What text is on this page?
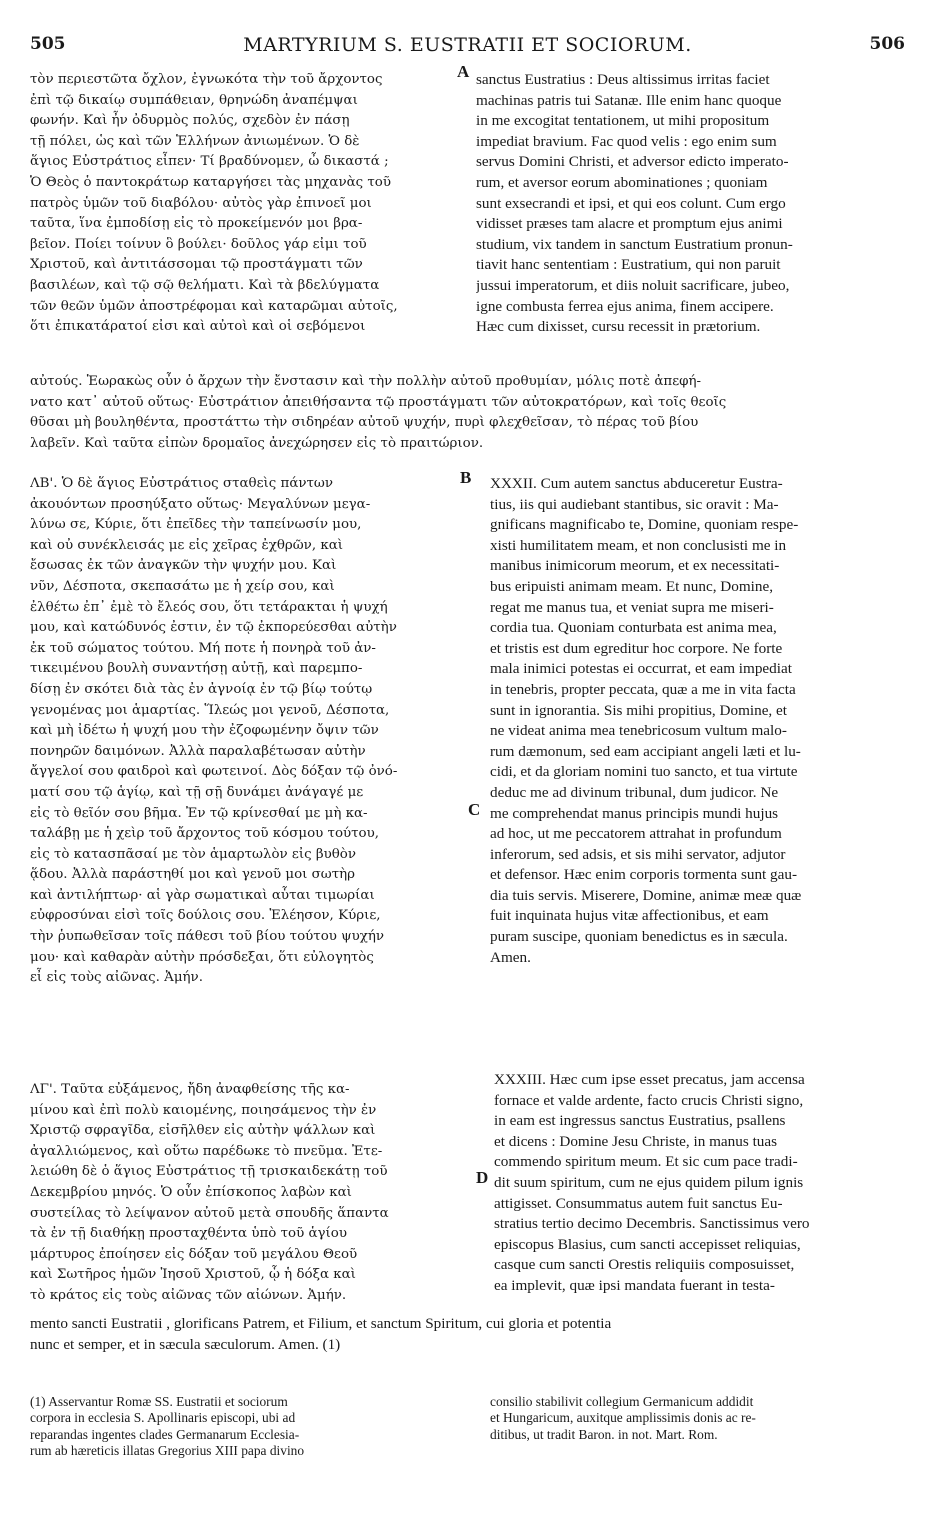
505	MARTYRIUM S. EUSTRATII ET SOCIORUM.	506

τὸν περιεστῶτα ὄχλον, ἐγνωκότα τὴν τοῦ ἄρχοντος
ἐπὶ τῷ δικαίῳ συμπάθειαν, θρηνώδη ἀναπέμψαι
φωνήν. Καὶ ἦν ὀδυρμὸς πολύς, σχεδὸν ἐν πάσῃ
τῇ πόλει, ὡς καὶ τῶν Ἑλλήνων ἀνιωμένων. Ὁ δὲ
ἅγιος Εὐστράτιος εἶπεν· Τί βραδύνομεν, ὦ δικαστά ;
Ὁ Θεὸς ὁ παντοκράτωρ καταργήσει τὰς μηχανὰς τοῦ
πατρὸς ὑμῶν τοῦ διαβόλου· αὐτὸς γὰρ ἐπινοεῖ μοι
ταῦτα, ἵνα ἐμποδίσῃ εἰς τὸ προκείμενόν μοι βρα-
βεῖον. Ποίει τοίνυν ὃ βούλει· δοῦλος γάρ εἰμι τοῦ
Χριστοῦ, καὶ ἀντιτάσσομαι τῷ προστάγματι τῶν
βασιλέων, καὶ τῷ σῷ θελήματι. Καὶ τὰ βδελύγματα
τῶν θεῶν ὑμῶν ἀποστρέφομαι καὶ καταρῶμαι αὐτοῖς,
ὅτι ἐπικατάρατοί εἰσι καὶ αὐτοὶ καὶ οἱ σεβόμενοι

A sanctus Eustratius : Deus altissimus irritas faciet
machinas patris tui Satanæ. Ille enim hanc quoque
in me excogitat tentationem, ut mihi propositum
impediat bravium. Fac quod velis : ego enim sum
servus Domini Christi, et adversor edicto imperato-
rum, et aversor eorum abominationes ; quoniam
sunt exsecrandi et ipsi, et qui eos colunt. Cum ergo
vidisset præses tam alacre et promptum ejus animi
studium, vix tandem in sanctum Eustratium pronun-
tiavit hanc sententiam : Eustratium, qui non paruit
jussui imperatorum, et diis noluit sacrificare, jubeo,
igne combusta ferrea ejus anima, finem accipere.
Hæc cum dixisset, cursu recessit in prætorium.

αὐτούς. Ἑωρακὼς οὖν ὁ ἄρχων τὴν ἔνστασιν καὶ τὴν πολλὴν αὐτοῦ προθυμίαν, μόλις ποτὲ ἀπεφή-
νατο κατ᾽ αὐτοῦ οὕτως· Εὐστράτιον ἀπειθήσαντα τῷ προστάγματι τῶν αὐτοκρατόρων, καὶ τοῖς θεοῖς
θῦσαι μὴ βουληθέντα, προστάττω τὴν σιδηρέαν αὐτοῦ ψυχήν, πυρὶ φλεχθεῖσαν, τὸ πέρας τοῦ βίου
λαβεῖν. Καὶ ταῦτα εἰπὼν δρομαῖος ἀνεχώρησεν εἰς τὸ πραιτώριον.

ΛΒ'. Ὁ δὲ ἅγιος Εὐστράτιος σταθεὶς πάντων
ἀκουόντων προσηύξατο οὕτως· Μεγαλύνων μεγα-
λύνω σε, Κύριε, ὅτι ἐπεῖδες τὴν ταπείνωσίν μου,
καὶ οὐ συνέκλεισάς με εἰς χεῖρας ἐχθρῶν, καὶ
ἔσωσας ἐκ τῶν ἀναγκῶν τὴν ψυχήν μου. Καὶ
νῦν, Δέσποτα, σκεπασάτω με ἡ χείρ σου, καὶ
ἐλθέτω ἐπ᾽ ἐμὲ τὸ ἔλεός σου, ὅτι τετάρακται ἡ ψυχή
μου, καὶ κατώδυνός ἐστιν, ἐν τῷ ἐκπορεύεσθαι αὐτὴν
ἐκ τοῦ σώματος τούτου. Μή ποτε ἡ πονηρὰ τοῦ ἀν-
τικειμένου βουλὴ συναντήσῃ αὐτῇ, καὶ παρεμπο-
δίσῃ ἐν σκότει διὰ τὰς ἐν ἀγνοίᾳ ἐν τῷ βίῳ τούτῳ
γενομένας μοι ἁμαρτίας. Ἵλεώς μοι γενοῦ, Δέσποτα,
καὶ μὴ ἰδέτω ἡ ψυχή μου τὴν ἐζοφωμένην ὄψιν τῶν
πονηρῶν δαιμόνων. Ἀλλὰ παραλαβέτωσαν αὐτὴν
ἄγγελοί σου φαιδροὶ καὶ φωτεινοί. Δὸς δόξαν τῷ ὀνό-
ματί σου τῷ ἁγίῳ, καὶ τῇ σῇ δυνάμει ἀνάγαγέ με
εἰς τὸ θεῖόν σου βῆμα. Ἐν τῷ κρίνεσθαί με μὴ κα-
ταλάβῃ με ἡ χεὶρ τοῦ ἄρχοντος τοῦ κόσμου τούτου,
εἰς τὸ κατασπᾶσαί με τὸν ἁμαρτωλὸν εἰς βυθὸν
ᾅδου. Ἀλλὰ παράστηθί μοι καὶ γενοῦ μοι σωτὴρ
καὶ ἀντιλήπτωρ· αἱ γὰρ σωματικαὶ αὗται τιμωρίαι
εὐφροσύναι εἰσὶ τοῖς δούλοις σου. Ἐλέησον, Κύριε,
τὴν ῥυπωθεῖσαν τοῖς πάθεσι τοῦ βίου τούτου ψυχήν
μου· καὶ καθαρὰν αὐτὴν πρόσδεξαι, ὅτι εὐλογητὸς
εἶ εἰς τοὺς αἰῶνας. Ἀμήν.

B
C

XXXII. Cum autem sanctus abduceretur Eustra-
tius, iis qui audiebant stantibus, sic oravit : Ma-
gnificans magnificabo te, Domine, quoniam respe-
xisti humilitatem meam, et non conclusisti me in
manibus inimicorum meorum, et ex necessitati-
bus eripuisti animam meam. Et nunc, Domine,
regat me manus tua, et veniat supra me miseri-
cordia tua. Quoniam conturbata est anima mea,
et tristis est dum egreditur hoc corpore. Ne forte
mala inimici potestas ei occurrat, et eam impediat
in tenebris, propter peccata, quæ a me in vita facta
sunt in ignorantia. Sis mihi propitius, Domine, et
ne videat anima mea tenebricosum vultum malo-
rum dæmonum, sed eam accipiant angeli læti et lu-
cidi, et da gloriam nomini tuo sancto, et tua virtute
deduc me ad divinum tribunal, dum judicor. Ne
me comprehendat manus principis mundi hujus
ad hoc, ut me peccatorem attrahat in profundum
inferorum, sed adsis, et sis mihi servator, adjutor
et defensor. Hæc enim corporis tormenta sunt gau-
dia tuis servis. Miserere, Domine, animæ meæ quæ
fuit inquinata hujus vitæ affectionibus, et eam
puram suscipe, quoniam benedictus es in sæcula.
Amen.

ΛΓ'. Ταῦτα εὐξάμενος, ἤδη ἀναφθείσης τῆς κα-
μίνου καὶ ἐπὶ πολὺ καιομένης, ποιησάμενος τὴν ἐν
Χριστῷ σφραγῖδα, εἰσῆλθεν εἰς αὐτὴν ψάλλων καὶ
ἀγαλλιώμενος, καὶ οὕτω παρέδωκε τὸ πνεῦμα. Ἐτε-
λειώθη δὲ ὁ ἅγιος Εὐστράτιος τῇ τρισκαιδεκάτῃ τοῦ
Δεκεμβρίου μηνός. Ὁ οὖν ἐπίσκοπος λαβὼν καὶ
συστείλας τὸ λείψανον αὐτοῦ μετὰ σπουδῆς ἅπαντα
τὰ ἐν τῇ διαθήκῃ προσταχθέντα ὑπὸ τοῦ ἁγίου
μάρτυρος ἐποίησεν εἰς δόξαν τοῦ μεγάλου Θεοῦ
καὶ Σωτῆρος ἡμῶν Ἰησοῦ Χριστοῦ, ᾧ ἡ δόξα καὶ
τὸ κράτος εἰς τοὺς αἰῶνας τῶν αἰώνων. Ἀμήν.

D

XXXIII. Hæc cum ipse esset precatus, jam accensa
fornace et valde ardente, facto crucis Christi signo,
in eam est ingressus sanctus Eustratius, psallens
et dicens : Domine Jesu Christe, in manus tuas
commendo spiritum meum. Et sic cum pace tradi-
dit suum spiritum, cum ne ejus quidem pilum ignis
attigisset. Consummatus autem fuit sanctus Eu-
stratius tertio decimo Decembris. Sanctissimus vero
episcopus Blasius, cum sancti accepisset reliquias,
casque cum sancti Orestis reliquiis composuisset,
ea implevit, quæ ipsi mandata fuerant in testa-

mento sancti Eustratii , glorificans Patrem, et Filium, et sanctum Spiritum, cui gloria et potentia
nunc et semper, et in sæcula sæculorum. Amen. (1)

(1) Asservantur Romæ SS. Eustratii et sociorum
corpora in ecclesia S. Apollinaris episcopi, ubi ad
reparandas ingentes clades Germanarum Ecclesia-
rum ab hæreticis illatas Gregorius XIII papa divino

consilio stabilivit collegium Germanicum addidit
et Hungaricum, auxitque amplissimis donis ac re-
ditibus, ut tradit Baron. in not. Mart. Rom.
